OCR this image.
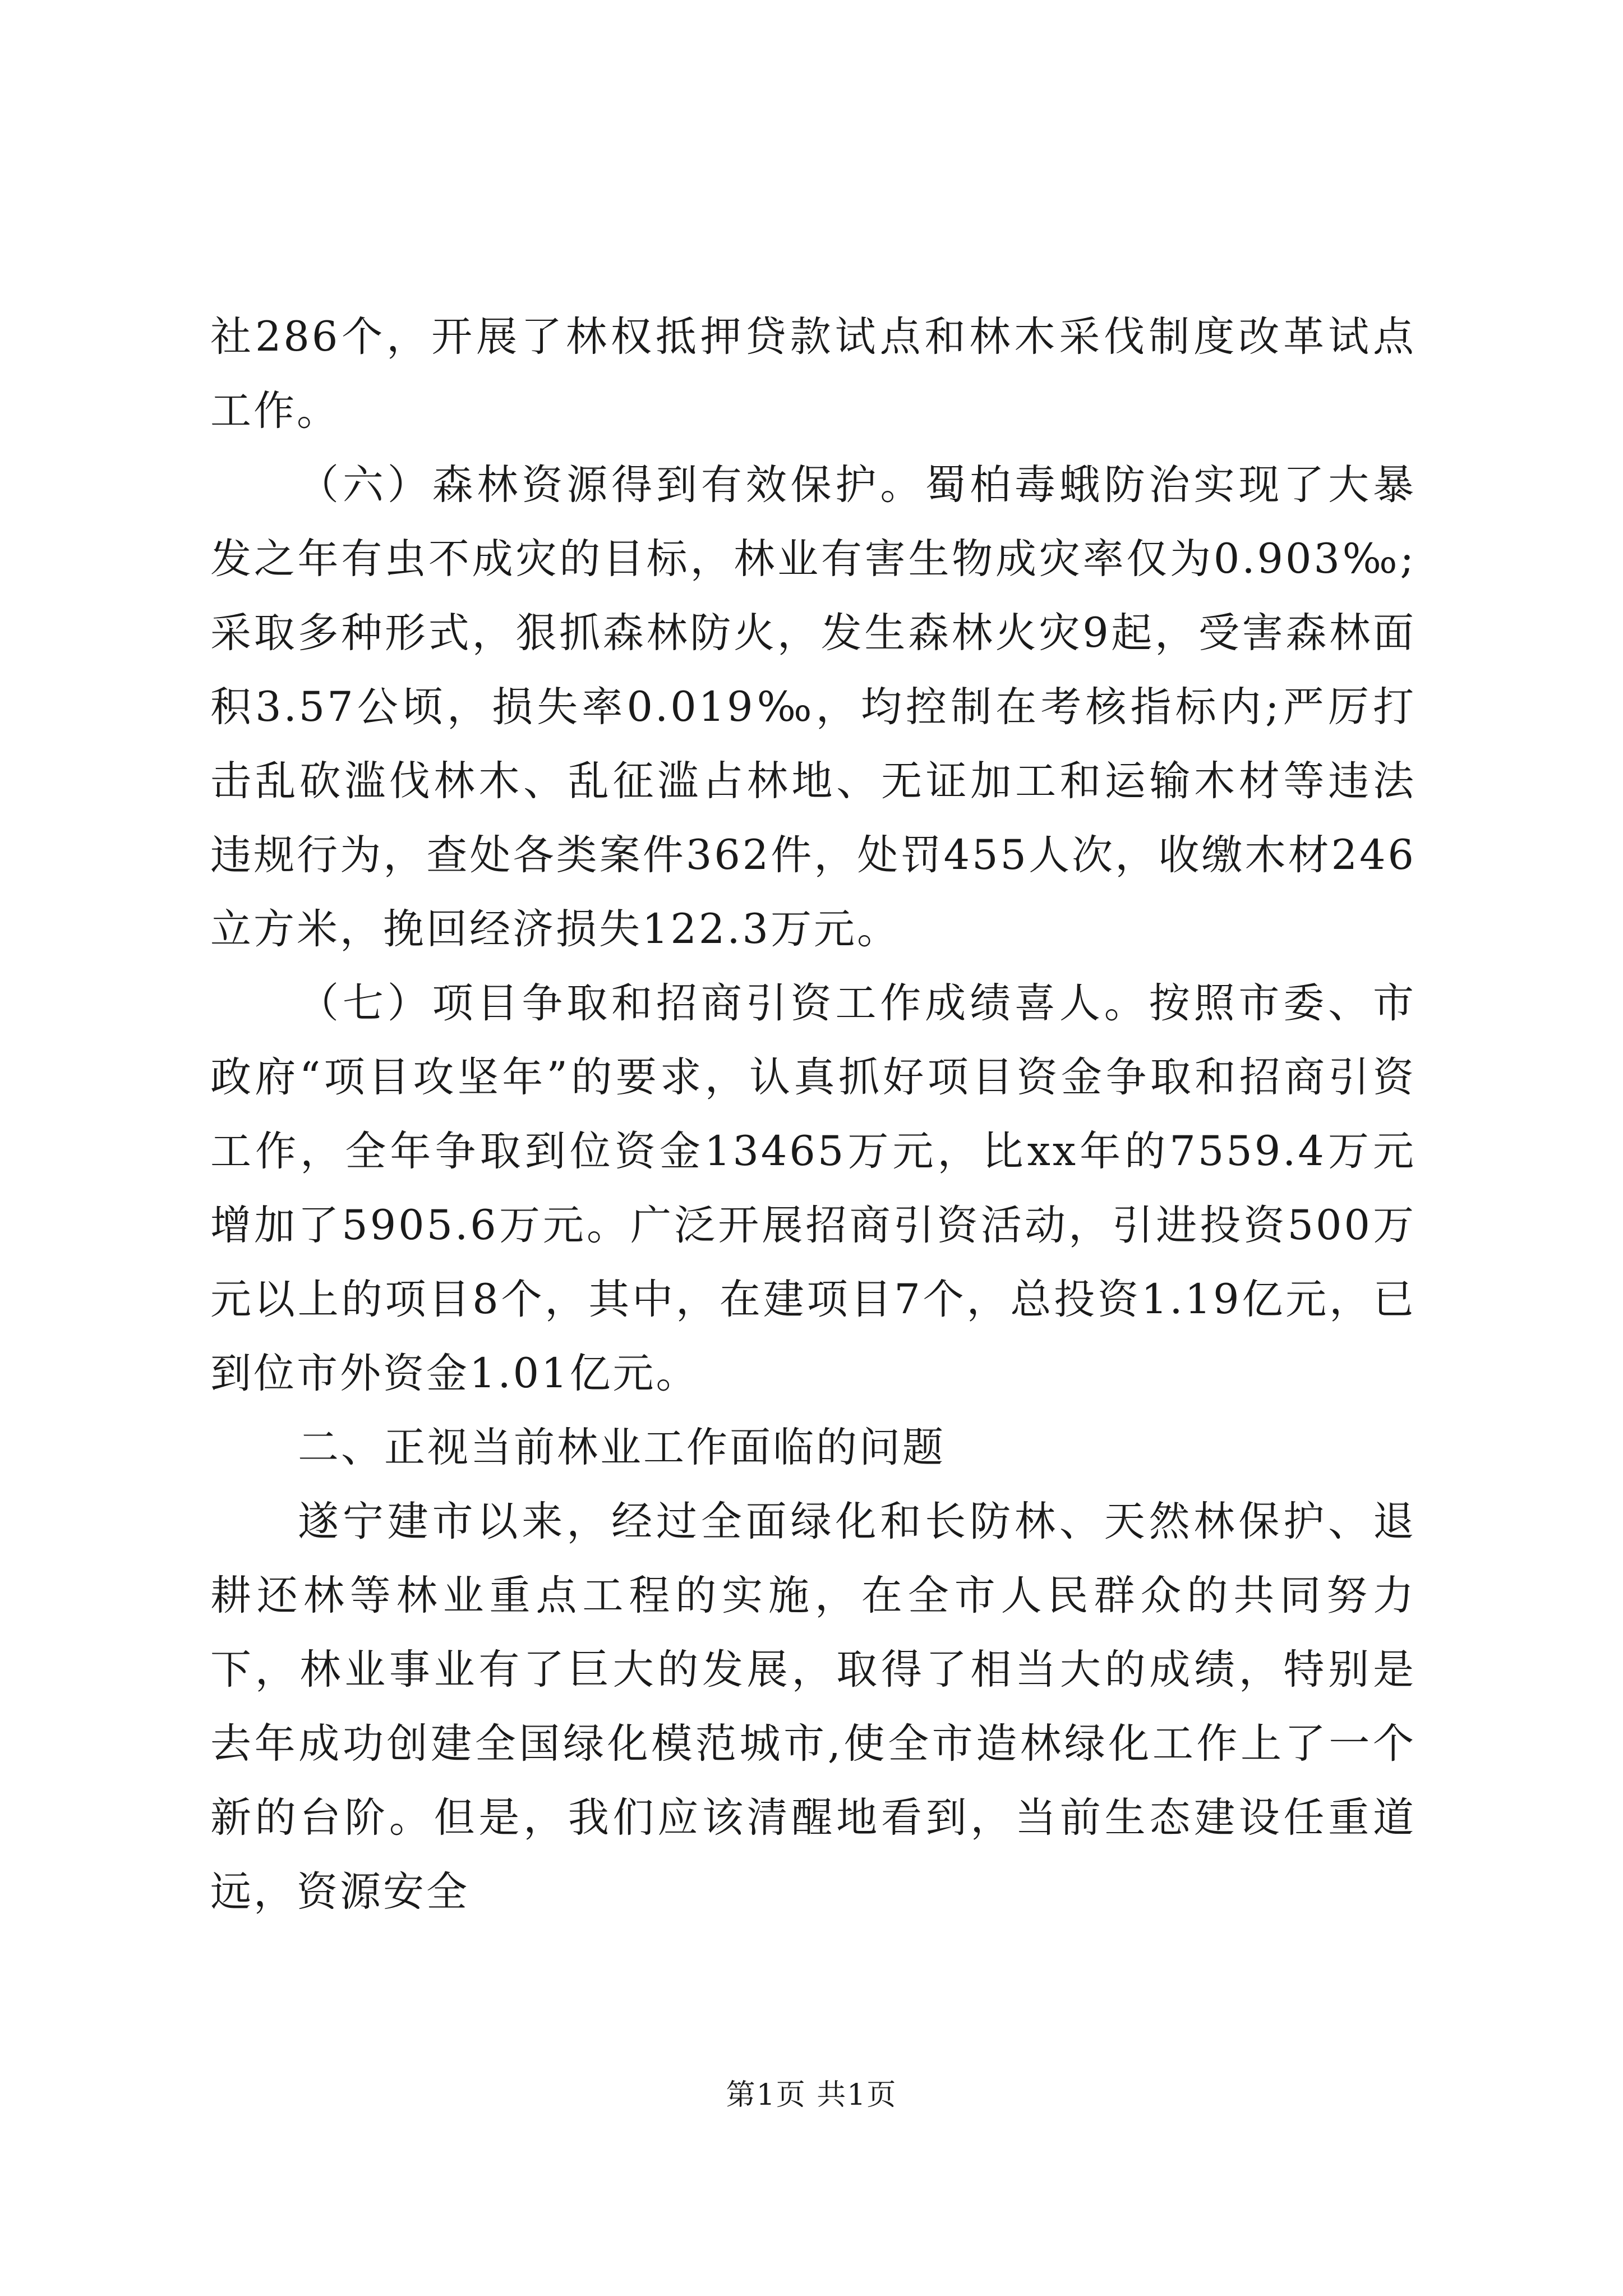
社286个，开展了林权抵押贷款试点和林木采伐制度改革试点工作。

（六）森林资源得到有效保护。蜀柏毒蛾防治实现了大暴发之年有虫不成灾的目标，林业有害生物成灾率仅为0.903‰;采取多种形式，狠抓森林防火，发生森林火灾9起，受害森林面积3.57公顷，损失率0.019‰，均控制在考核指标内;严厉打击乱砍滥伐林木、乱征滥占林地、无证加工和运输木材等违法违规行为，查处各类案件362件，处罚455人次，收缴木材246立方米，挽回经济损失122.3万元。

（七）项目争取和招商引资工作成绩喜人。按照市委、市政府“项目攻坚年”的要求，认真抓好项目资金争取和招商引资工作，全年争取到位资金13465万元，比xx年的7559.4万元增加了5905.6万元。广泛开展招商引资活动，引进投资500万元以上的项目8个，其中，在建项目7个，总投资1.19亿元，已到位市外资金1.01亿元。

二、正视当前林业工作面临的问题

遂宁建市以来，经过全面绿化和长防林、天然林保护、退耕还林等林业重点工程的实施，在全市人民群众的共同努力下，林业事业有了巨大的发展，取得了相当大的成绩，特别是去年成功创建全国绿化模范城市,使全市造林绿化工作上了一个新的台阶。但是，我们应该清醒地看到，当前生态建设任重道远，资源安全

第1页 共1页
